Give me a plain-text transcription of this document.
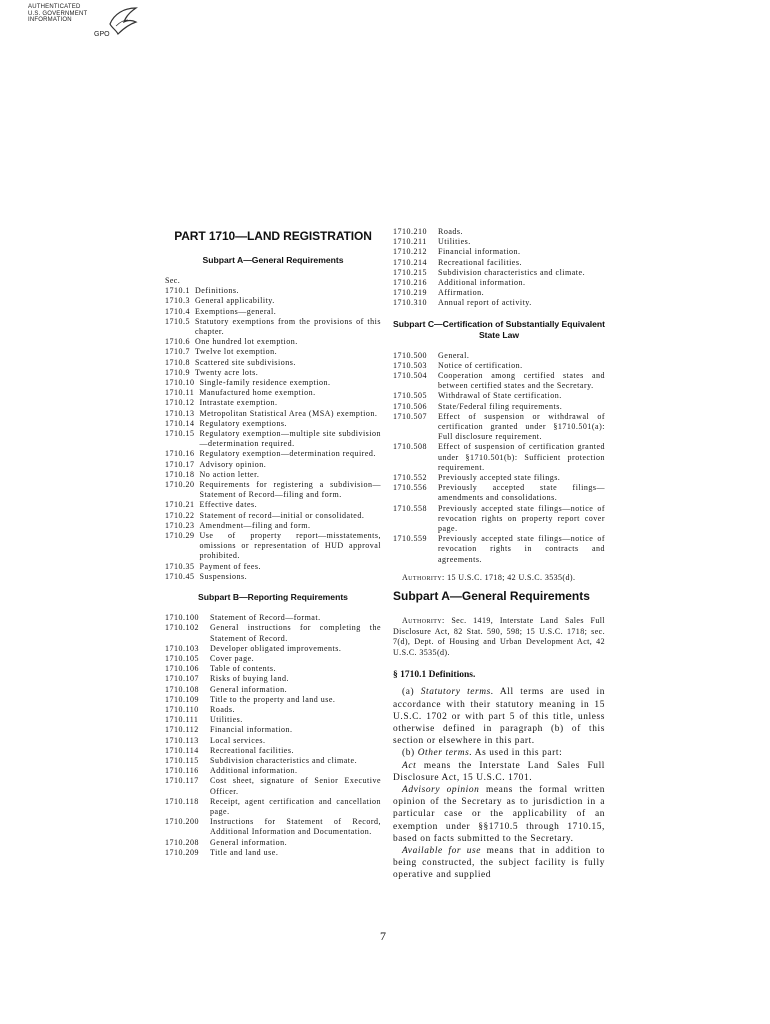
AUTHENTICATED
U.S. GOVERNMENT
INFORMATION
GPO
PART 1710—LAND REGISTRATION
Subpart A—General Requirements
Sec.
1710.1 Definitions.
1710.3 General applicability.
1710.4 Exemptions—general.
1710.5 Statutory exemptions from the provisions of this chapter.
1710.6 One hundred lot exemption.
1710.7 Twelve lot exemption.
1710.8 Scattered site subdivisions.
1710.9 Twenty acre lots.
1710.10 Single-family residence exemption.
1710.11 Manufactured home exemption.
1710.12 Intrastate exemption.
1710.13 Metropolitan Statistical Area (MSA) exemption.
1710.14 Regulatory exemptions.
1710.15 Regulatory exemption—multiple site subdivision—determination required.
1710.16 Regulatory exemption—determination required.
1710.17 Advisory opinion.
1710.18 No action letter.
1710.20 Requirements for registering a subdivision—Statement of Record—filing and form.
1710.21 Effective dates.
1710.22 Statement of record—initial or consolidated.
1710.23 Amendment—filing and form.
1710.29 Use of property report—misstatements, omissions or representation of HUD approval prohibited.
1710.35 Payment of fees.
1710.45 Suspensions.
Subpart B—Reporting Requirements
1710.100	Statement of Record—format.
1710.102	General instructions for completing the Statement of Record.
1710.103	Developer obligated improvements.
1710.105	Cover page.
1710.106	Table of contents.
1710.107	Risks of buying land.
1710.108	General information.
1710.109	Title to the property and land use.
1710.110	Roads.
1710.111	Utilities.
1710.112	Financial information.
1710.113	Local services.
1710.114	Recreational facilities.
1710.115	Subdivision characteristics and climate.
1710.116	Additional information.
1710.117	Cost sheet, signature of Senior Executive Officer.
1710.118	Receipt, agent certification and cancellation page.
1710.200	Instructions for Statement of Record, Additional Information and Documentation.
1710.208	General information.
1710.209	Title and land use.
1710.210	Roads.
1710.211	Utilities.
1710.212	Financial information.
1710.214	Recreational facilities.
1710.215	Subdivision characteristics and climate.
1710.216	Additional information.
1710.219	Affirmation.
1710.310	Annual report of activity.
Subpart C—Certification of Substantially Equivalent State Law
1710.500	General.
1710.503	Notice of certification.
1710.504	Cooperation among certified states and between certified states and the Secretary.
1710.505	Withdrawal of State certification.
1710.506	State/Federal filing requirements.
1710.507	Effect of suspension or withdrawal of certification granted under §1710.501(a): Full disclosure requirement.
1710.508	Effect of suspension of certification granted under §1710.501(b): Sufficient protection requirement.
1710.552	Previously accepted state filings.
1710.556	Previously accepted state filings—amendments and consolidations.
1710.558	Previously accepted state filings—notice of revocation rights on property report cover page.
1710.559	Previously accepted state filings—notice of revocation rights in contracts and agreements.

Authority: 15 U.S.C. 1718; 42 U.S.C. 3535(d).

Subpart A—General Requirements

Authority: Sec. 1419, Interstate Land Sales Full Disclosure Act, 82 Stat. 590, 598; 15 U.S.C. 1718; sec. 7(d), Dept. of Housing and Urban Development Act, 42 U.S.C. 3535(d).

§ 1710.1 Definitions.

(a) Statutory terms. All terms are used in accordance with their statutory meaning in 15 U.S.C. 1702 or with part 5 of this title, unless otherwise defined in paragraph (b) of this section or elsewhere in this part.

(b) Other terms. As used in this part:

Act means the Interstate Land Sales Full Disclosure Act, 15 U.S.C. 1701.

Advisory opinion means the formal written opinion of the Secretary as to jurisdiction in a particular case or the applicability of an exemption under §§1710.5 through 1710.15, based on facts submitted to the Secretary.

Available for use means that in addition to being constructed, the subject facility is fully operative and supplied

7
